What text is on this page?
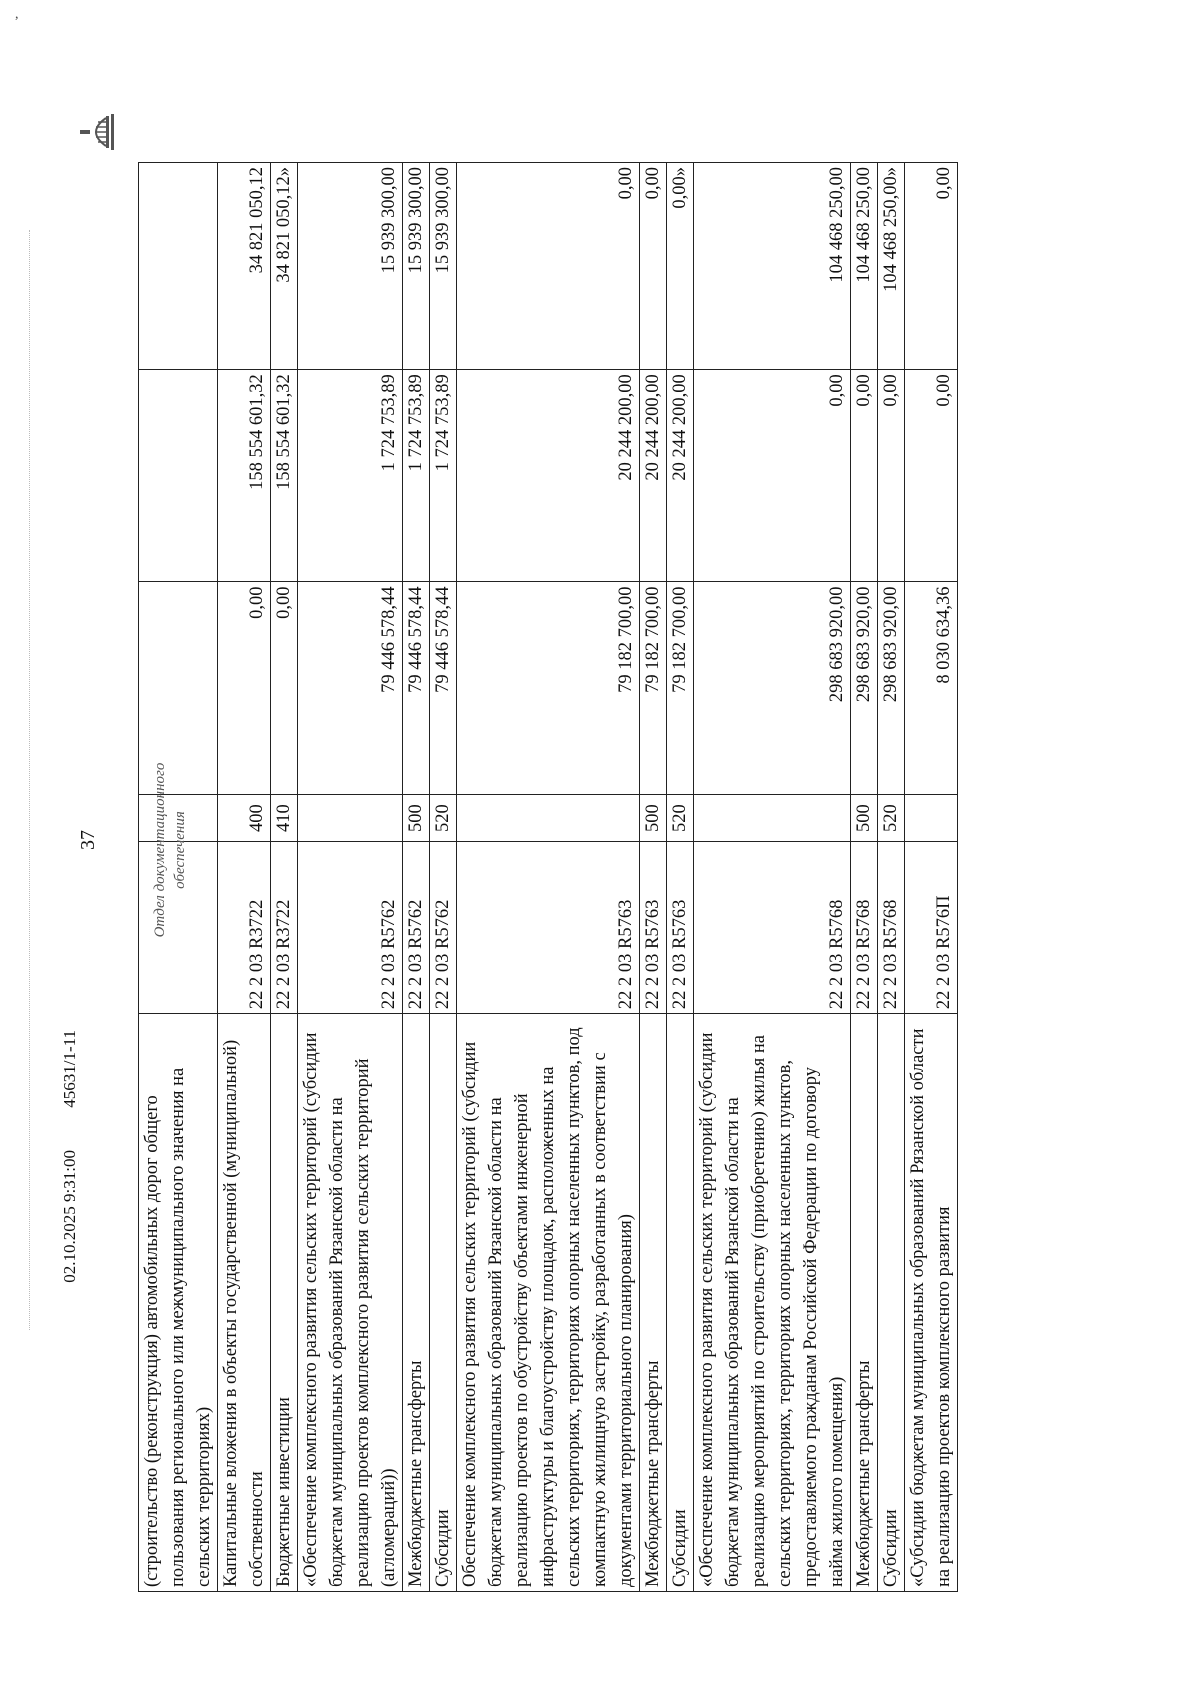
,
37
(строительство (реконструкция) автомобильных дорог общего пользования регионального или межмуниципального значения на сельских территориях)					
Капитальные вложения в объекты государственной (муниципальной) собственности	22 2 03 R3722	400	0,00	158 554 601,32	34 821 050,12
Бюджетные инвестиции	22 2 03 R3722	410	0,00	158 554 601,32	34 821 050,12»
«Обеспечение комплексного развития сельских территорий (субсидии бюджетам муниципальных образований Рязанской области на реализацию проектов комплексного развития сельских территорий (агломераций))	22 2 03 R5762		79 446 578,44	1 724 753,89	15 939 300,00
Межбюджетные трансферты	22 2 03 R5762	500	79 446 578,44	1 724 753,89	15 939 300,00
Субсидии	22 2 03 R5762	520	79 446 578,44	1 724 753,89	15 939 300,00
Обеспечение комплексного развития сельских территорий (субсидии бюджетам муниципальных образований Рязанской области на реализацию проектов по обустройству объектами инженерной инфраструктуры и благоустройству площадок, расположенных на сельских территориях, территориях опорных населенных пунктов, под компактную жилищную застройку, разработанных в соответствии с документами территориального планирования)	22 2 03 R5763		79 182 700,00	20 244 200,00	0,00
Межбюджетные трансферты	22 2 03 R5763	500	79 182 700,00	20 244 200,00	0,00
Субсидии	22 2 03 R5763	520	79 182 700,00	20 244 200,00	0,00»
«Обеспечение комплексного развития сельских территорий (субсидии бюджетам муниципальных образований Рязанской области на реализацию мероприятий по строительству (приобретению) жилья на сельских территориях, территориях опорных населенных пунктов, предоставляемого гражданам Российской Федерации по договору найма жилого помещения)	22 2 03 R5768		298 683 920,00	0,00	104 468 250,00
Межбюджетные трансферты	22 2 03 R5768	500	298 683 920,00	0,00	104 468 250,00
Субсидии	22 2 03 R5768	520	298 683 920,00	0,00	104 468 250,00»
«Субсидии бюджетам муниципальных образований Рязанской области на реализацию проектов комплексного развития	22 2 03 R576П		8 030 634,36	0,00	0,00
02.10.2025 9:31:00
45631/1-11
Отдел документационного обеспечения
